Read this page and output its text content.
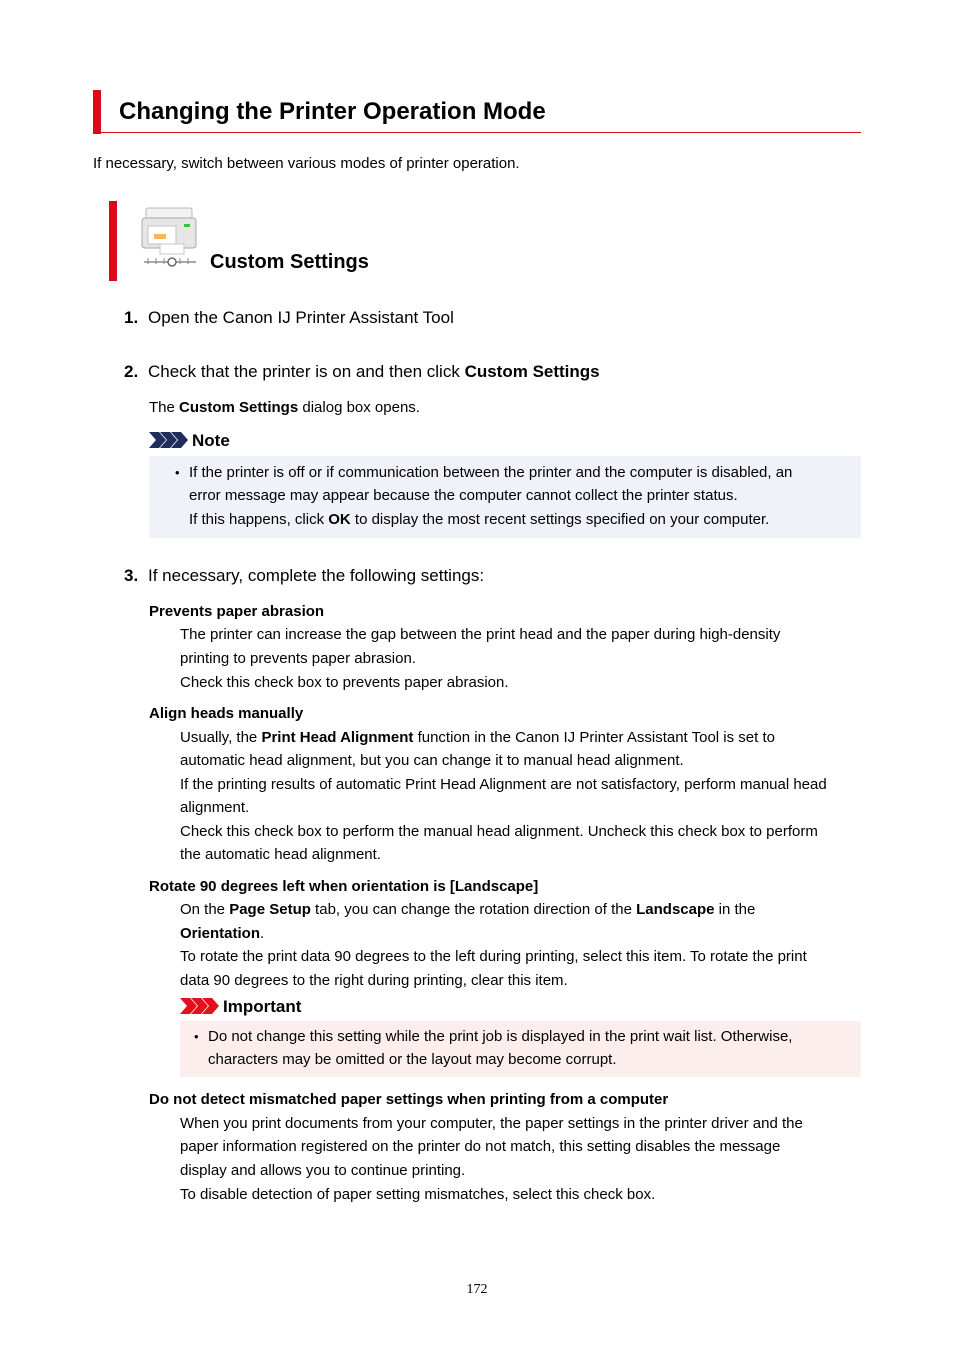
Changing the Printer Operation Mode
If necessary, switch between various modes of printer operation.
Custom Settings
1. Open the Canon IJ Printer Assistant Tool
2. Check that the printer is on and then click Custom Settings
The Custom Settings dialog box opens.
Note
• If the printer is off or if communication between the printer and the computer is disabled, an
error message may appear because the computer cannot collect the printer status.
If this happens, click OK to display the most recent settings specified on your computer.
3. If necessary, complete the following settings:
Prevents paper abrasion
The printer can increase the gap between the print head and the paper during high-density
printing to prevents paper abrasion.
Check this check box to prevents paper abrasion.
Align heads manually
Usually, the Print Head Alignment function in the Canon IJ Printer Assistant Tool is set to
automatic head alignment, but you can change it to manual head alignment.
If the printing results of automatic Print Head Alignment are not satisfactory, perform manual head
alignment.
Check this check box to perform the manual head alignment. Uncheck this check box to perform
the automatic head alignment.
Rotate 90 degrees left when orientation is [Landscape]
On the Page Setup tab, you can change the rotation direction of the Landscape in the
Orientation.
To rotate the print data 90 degrees to the left during printing, select this item. To rotate the print
data 90 degrees to the right during printing, clear this item.
Important
• Do not change this setting while the print job is displayed in the print wait list. Otherwise,
characters may be omitted or the layout may become corrupt.
Do not detect mismatched paper settings when printing from a computer
When you print documents from your computer, the paper settings in the printer driver and the
paper information registered on the printer do not match, this setting disables the message
display and allows you to continue printing.
To disable detection of paper setting mismatches, select this check box.
172
